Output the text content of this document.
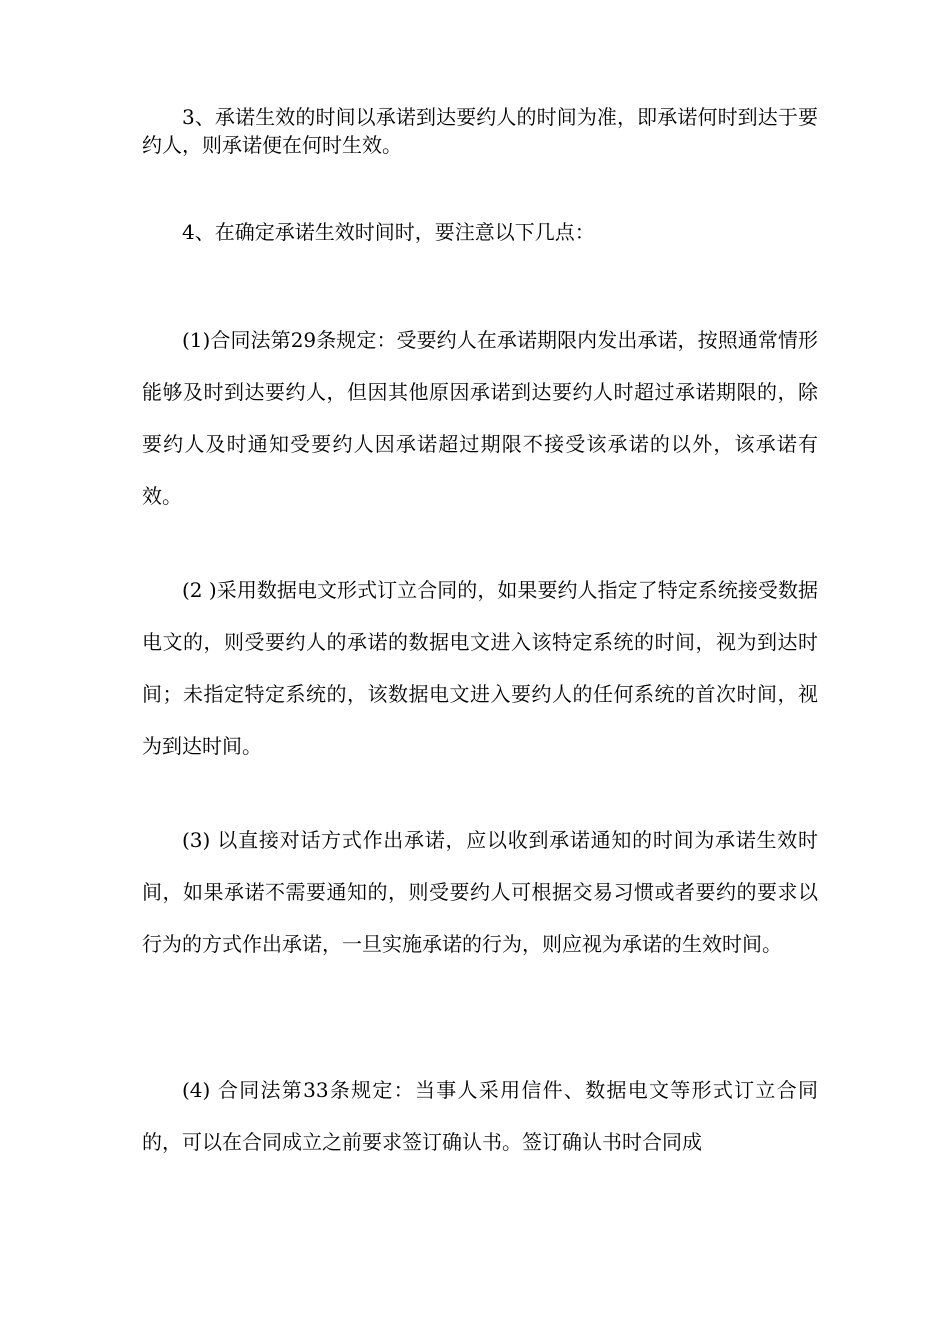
3、承诺生效的时间以承诺到达要约人的时间为准，即承诺何时到达于要约人，则承诺便在何时生效。

4、在确定承诺生效时间时，要注意以下几点：

(1)合同法第29条规定：受要约人在承诺期限内发出承诺，按照通常情形能够及时到达要约人，但因其他原因承诺到达要约人时超过承诺期限的，除要约人及时通知受要约人因承诺超过期限不接受该承诺的以外，该承诺有效。

(2 )采用数据电文形式订立合同的，如果要约人指定了特定系统接受数据电文的，则受要约人的承诺的数据电文进入该特定系统的时间，视为到达时间；未指定特定系统的，该数据电文进入要约人的任何系统的首次时间，视为到达时间。

(3) 以直接对话方式作出承诺，应以收到承诺通知的时间为承诺生效时间，如果承诺不需要通知的，则受要约人可根据交易习惯或者要约的要求以行为的方式作出承诺，一旦实施承诺的行为，则应视为承诺的生效时间。

(4) 合同法第33条规定：当事人采用信件、数据电文等形式订立合同的，可以在合同成立之前要求签订确认书。签订确认书时合同成
